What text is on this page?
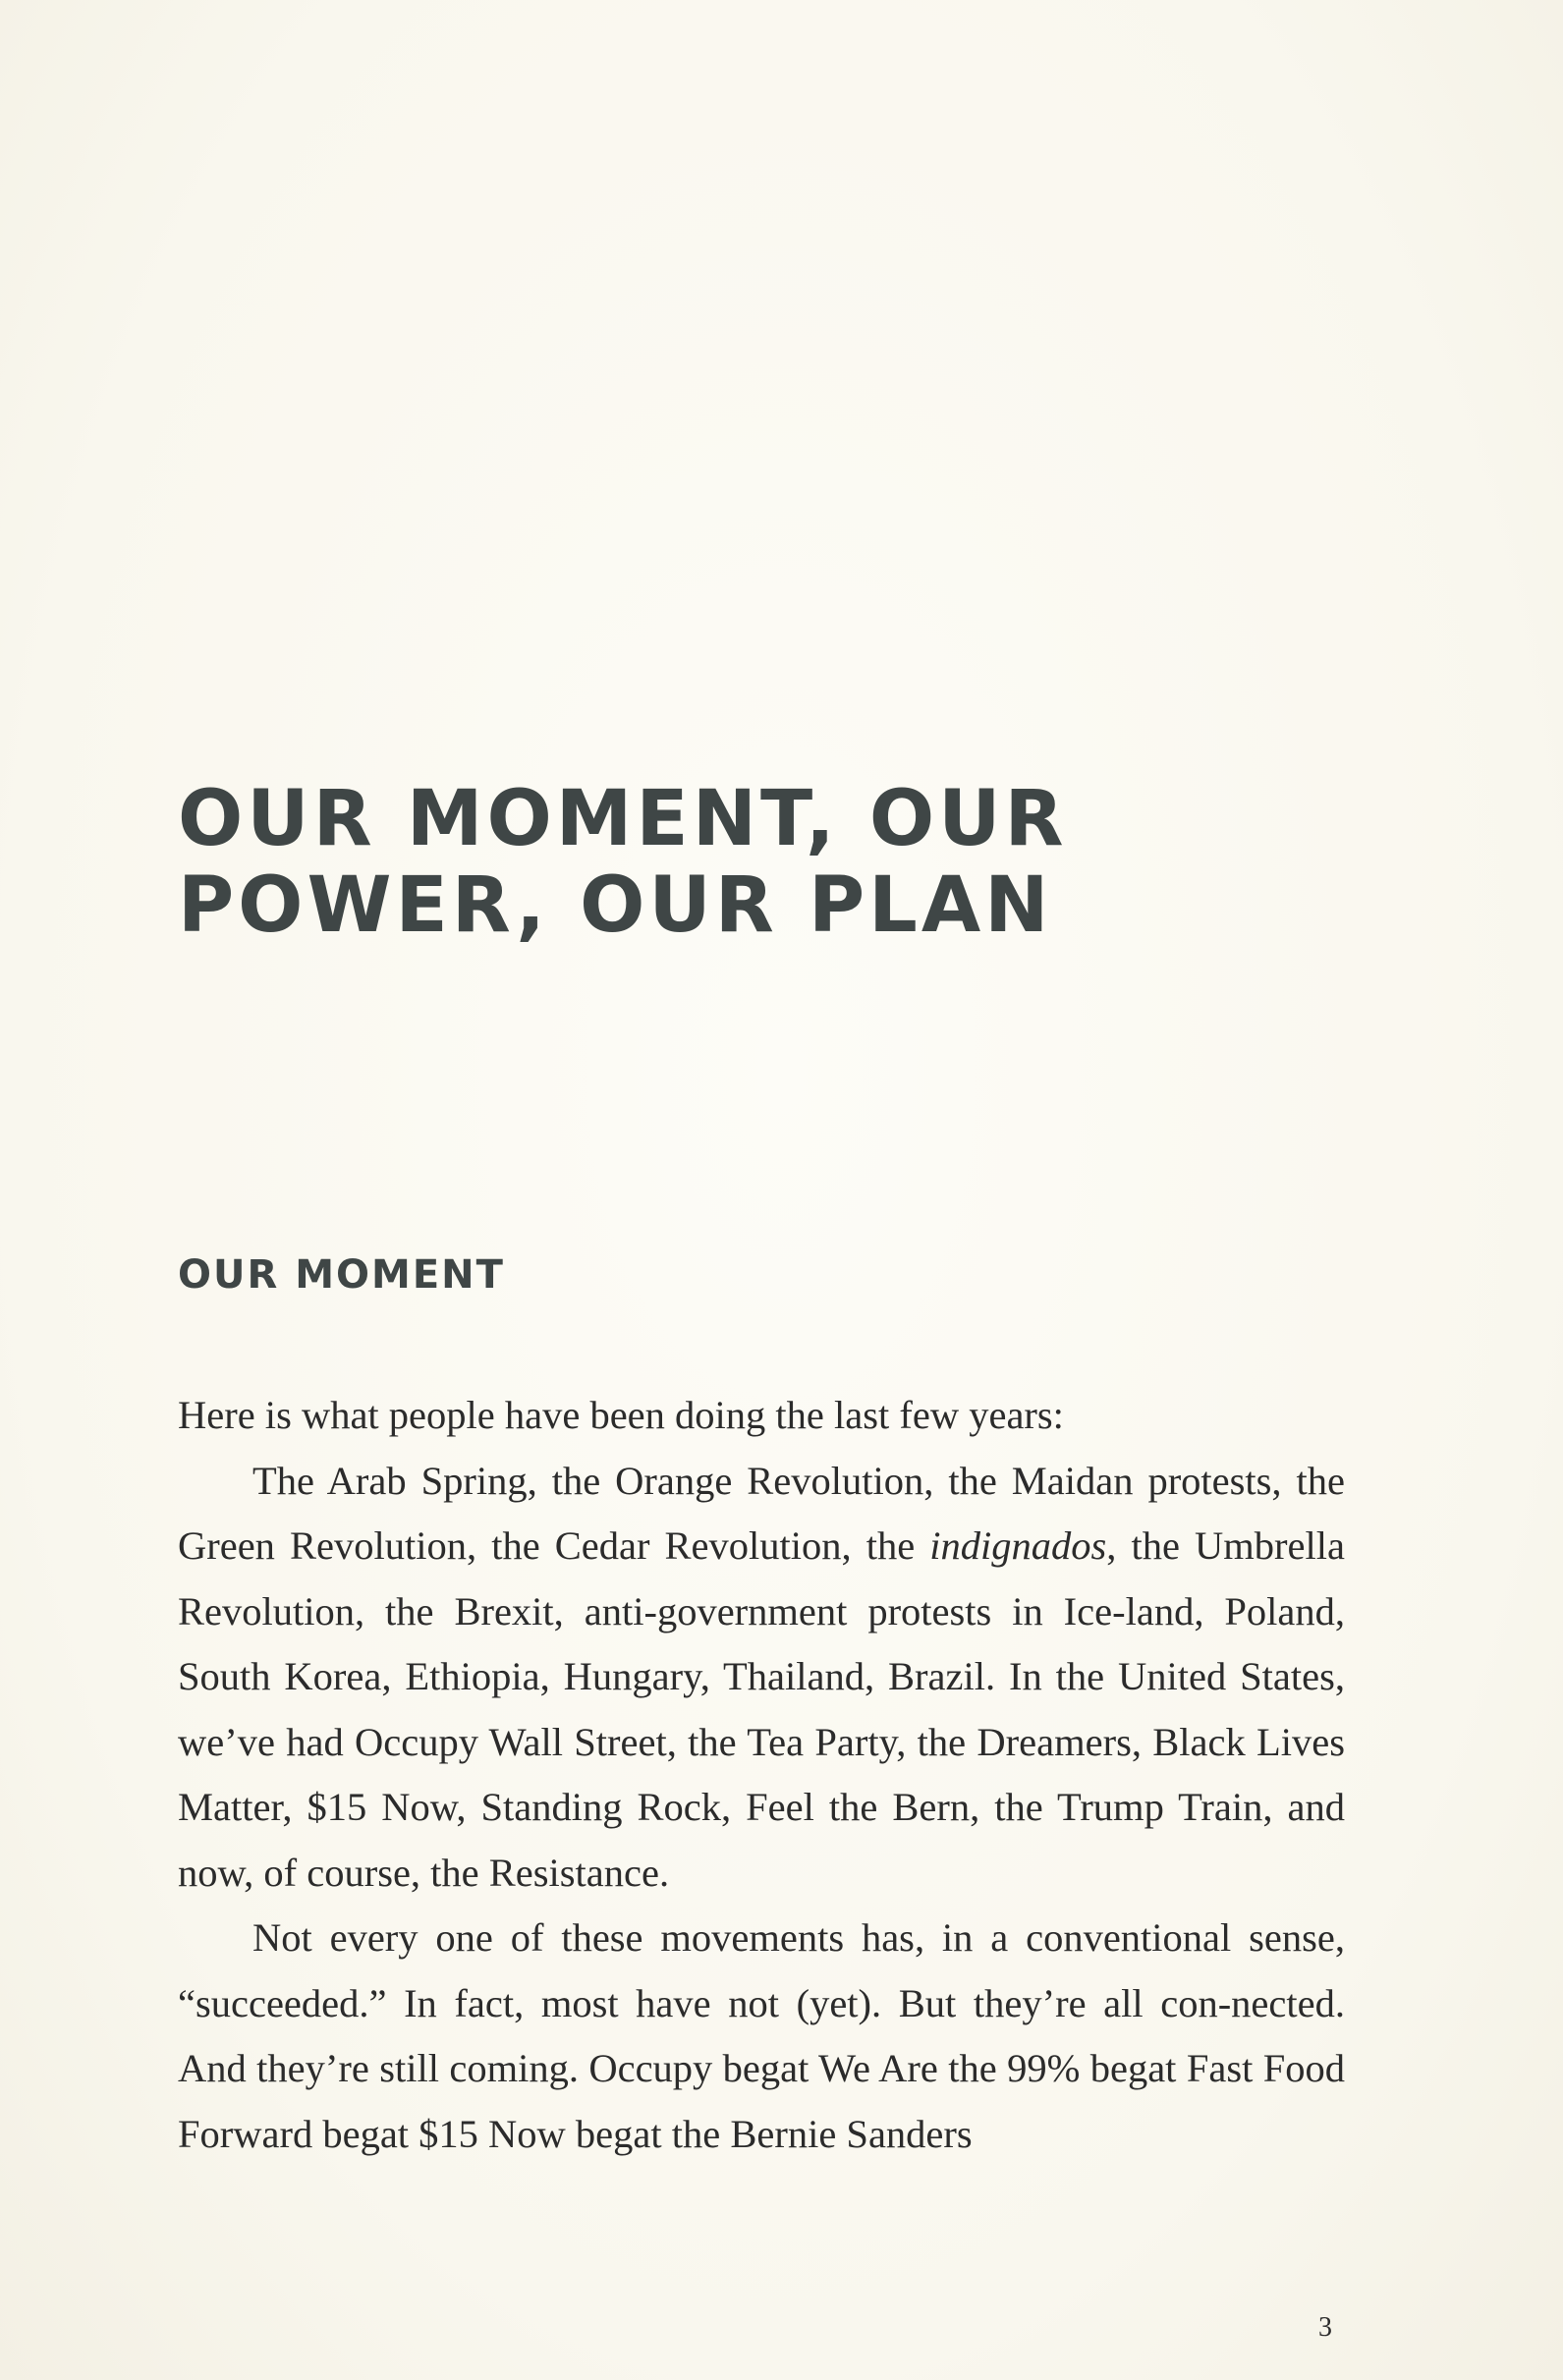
OUR MOMENT, OUR
POWER, OUR PLAN
OUR MOMENT

Here is what people have been doing the last few years:

The Arab Spring, the Orange Revolution, the Maidan protests, the Green Revolution, the Cedar Revolution, the indignados, the Umbrella Revolution, the Brexit, anti-government protests in Ice-land, Poland, South Korea, Ethiopia, Hungary, Thailand, Brazil. In the United States, we’ve had Occupy Wall Street, the Tea Party, the Dreamers, Black Lives Matter, $15 Now, Standing Rock, Feel the Bern, the Trump Train, and now, of course, the Resistance.

Not every one of these movements has, in a conventional sense, “succeeded.” In fact, most have not (yet). But they’re all con-nected. And they’re still coming. Occupy begat We Are the 99% begat Fast Food Forward begat $15 Now begat the Bernie Sanders

3
